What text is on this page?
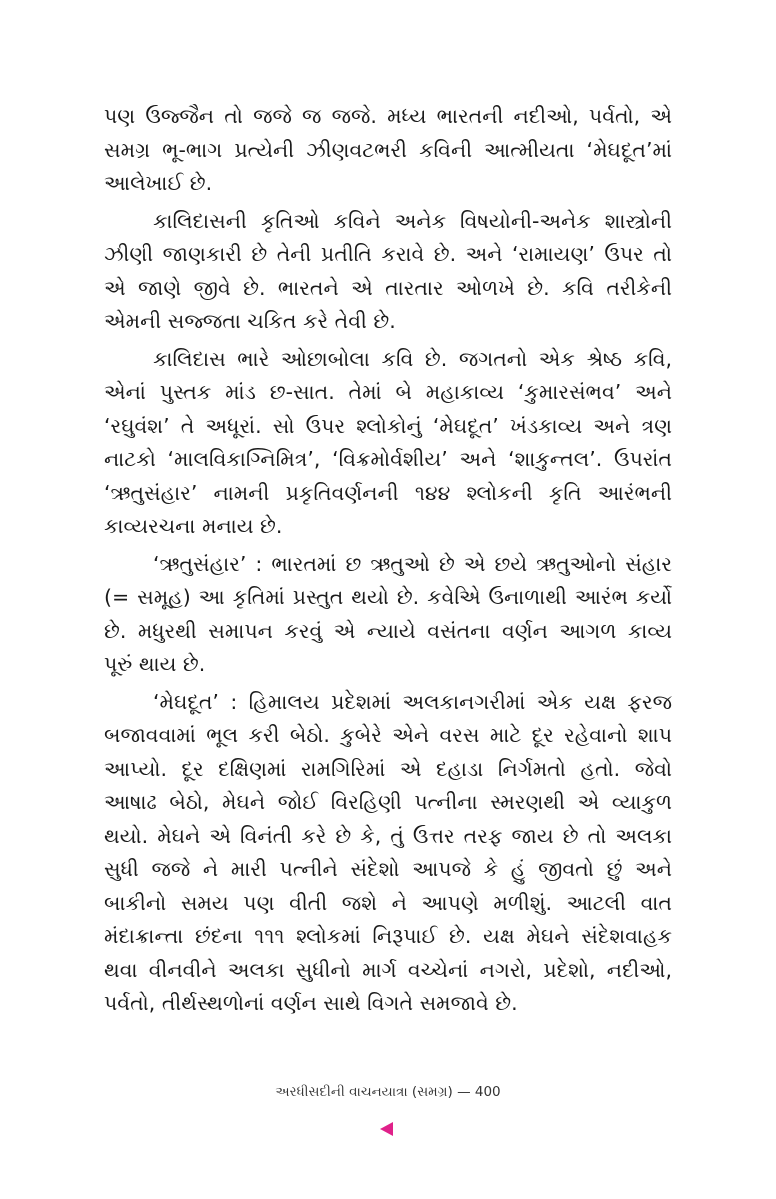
પણ ઉજ્જૈન તો જજે જ જજે. મધ્ય ભારતની નદીઓ, પર્વતો, એ
સમગ્ર ભૂ-ભાગ પ્રત્યેની ઝીણવટભરી કવિની આત્મીયતા ‘મેઘદૂત’માં
આલેખાઈ છે.

કાલિદાસની કૃતિઓ કવિને અનેક વિષયોની-અનેક શાસ્ત્રોની
ઝીણી જાણકારી છે તેની પ્રતીતિ કરાવે છે. અને ‘રામાયણ’ ઉપર તો
એ જાણે જીવે છે. ભારતને એ તારતાર ઓળખે છે. કવિ તરીકેની
એમની સજ્જતા ચકિત કરે તેવી છે.

કાલિદાસ ભારે ઓછાબોલા કવિ છે. જગતનો એક શ્રેષ્ઠ કવિ,
એનાં પુસ્તક માંડ છ-સાત. તેમાં બે મહાકાવ્ય ‘કુમારસંભવ’ અને
‘રઘુવંશ’ તે અધૂરાં. સો ઉપર શ્લોકોનું ‘મેઘદૂત’ ખંડકાવ્ય અને ત્રણ
નાટકો ‘માલવિકાગ્નિમિત્ર’, ‘વિક્રમોર્વશીય’ અને ‘શાકુન્તલ’. ઉપરાંત
‘ઋતુસંહાર’ નામની પ્રકૃતિવર્ણનની ૧૪૪ શ્લોકની કૃતિ આરંભની
કાવ્યરચના મનાય છે.

‘ઋતુસંહાર’ : ભારતમાં છ ઋતુઓ છે એ છયે ઋતુઓનો સંહાર
(= સમૂહ) આ કૃતિમાં પ્રસ્તુત થયો છે. કવેએિ ઉનાળાથી આરંભ કર્યો
છે. મધુરથી સમાપન કરવું એ ન્યાયે વસંતના વર્ણન આગળ કાવ્ય
પૂરું થાય છે.

‘મેઘદૂત’ : હિમાલય પ્રદેશમાં અલકાનગરીમાં એક યક્ષ ફરજ
બજાવવામાં ભૂલ કરી બેઠો. કુબેરે એને વરસ માટે દૂર રહેવાનો શાપ
આપ્યો. દૂર દક્ષિણમાં રામગિરિમાં એ દહાડા નિર્ગમતો હતો. જેવો
આષાઢ બેઠો, મેઘને જોઈ વિરહિણી પત્નીના સ્મરણથી એ વ્યાકુળ
થયો. મેઘને એ વિનંતી કરે છે કે, તું ઉત્તર તરફ જાય છે તો અલકા
સુધી જજે ને મારી પત્નીને સંદેશો આપજે કે હું જીવતો છું અને
બાકીનો સમય પણ વીતી જશે ને આપણે મળીશું. આટલી વાત
મંદાક્રાન્તા છંદના ૧૧૧ શ્લોકમાં નિરૂપાઈ છે. યક્ષ મેઘને સંદેશવાહક
થવા વીનવીને અલકા સુધીનો માર્ગ વચ્ચેનાં નગરો, પ્રદેશો, નદીઓ,
પર્વતો, તીર્થસ્થળોનાં વર્ણન સાથે વિગતે સમજાવે છે.

અરધીસદીની વાચનયાત્રા (સમગ્ર) — 400
